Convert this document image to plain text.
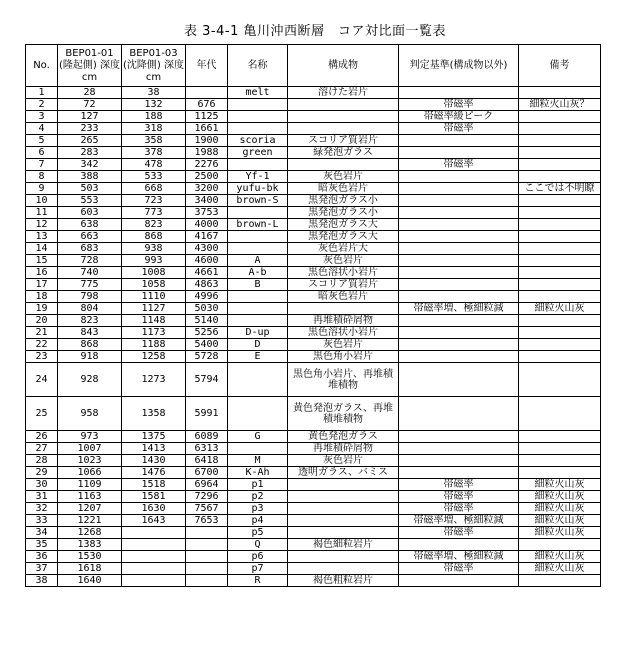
表 3-4-1 亀川沖西断層　コア対比面一覧表
No.	BEP01-01 (隆起側) 深度 cm	BEP01-03 (沈降側) 深度 cm	年代	名称	構成物	判定基準(構成物以外)	備考
1	28	38		melt	溶けた岩片		
2	72	132	676			帯磁率	細粒火山灰？
3	127	188	1125			帯磁率緩ピーク	
4	233	318	1661			帯磁率	
5	265	358	1900	scoria	スコリア質岩片		
6	283	378	1988	green	緑発泡ガラス		
7	342	478	2276			帯磁率	
8	388	533	2500	Yf-1	灰色岩片		
9	503	668	3200	yufu-bk	暗灰色岩片		ここでは不明瞭
10	553	723	3400	brown-S	黒発泡ガラス小		
11	603	773	3753		黒発泡ガラス小		
12	638	823	4000	brown-L	黒発泡ガラス大		
13	663	868	4167		黒発泡ガラス大		
14	683	938	4300		灰色岩片大		
15	728	993	4600	A	灰色岩片		
16	740	1008	4661	A-b	黒色溶状小岩片		
17	775	1058	4863	B	スコリア質岩片		
18	798	1110	4996		暗灰色岩片		
19	804	1127	5030			帯磁率増、極細粒減	細粒火山灰
20	823	1148	5140		再堆積砕屑物		
21	843	1173	5256	D-up	黒色溶状小岩片		
22	868	1188	5400	D	灰色岩片		
23	918	1258	5728	E	黒色角小岩片		
24	928	1273	5794		黒色角小岩片、再堆積堆積物		
25	958	1358	5991		黄色発泡ガラス、再堆積堆積物		
26	973	1375	6089	G	黄色発泡ガラス		
27	1007	1413	6313		再堆積砕屑物		
28	1023	1430	6418	M	灰色岩片		
29	1066	1476	6700	K-Ah	透明ガラス、バミス		
30	1109	1518	6964	p1		帯磁率	細粒火山灰
31	1163	1581	7296	p2		帯磁率	細粒火山灰
32	1207	1630	7567	p3		帯磁率	細粒火山灰
33	1221	1643	7653	p4		帯磁率増、極細粒減	細粒火山灰
34	1268			p5		帯磁率	細粒火山灰
35	1383			Q	褐色細粒岩片		
36	1530			p6		帯磁率増、極細粒減	細粒火山灰
37	1618			p7		帯磁率	細粒火山灰
38	1640			R	褐色粗粒岩片		
